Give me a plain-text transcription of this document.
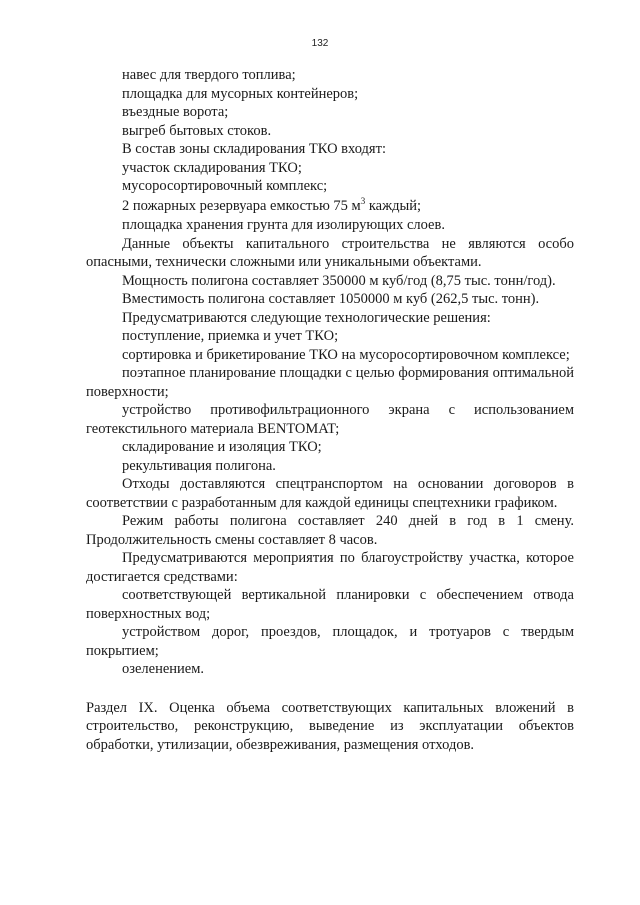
132

навес для твердого топлива;

площадка для мусорных контейнеров;

въездные ворота;

выгреб бытовых стоков.

В состав зоны складирования ТКО входят:

участок складирования ТКО;

мусоросортировочный комплекс;

2 пожарных резервуара емкостью 75 $м^3$ каждый;

площадка хранения грунта для изолирующих слоев.

Данные объекты капитального строительства не являются особо опасными, технически сложными или уникальными объектами.

Мощность полигона составляет 350000 м куб/год (8,75 тыс. тонн/год).

Вместимость полигона составляет 1050000 м куб (262,5 тыс. тонн).

Предусматриваются следующие технологические решения:

поступление, приемка и учет ТКО;

сортировка и брикетирование ТКО на мусоросортировочном комплексе;

поэтапное планирование площадки с целью формирования оптимальной поверхности;

устройство противофильтрационного экрана с использованием геотекстильного материала BENTOMAT;

складирование и изоляция ТКО;

рекультивация полигона.

Отходы доставляются спецтранспортом на основании договоров в соответствии с разработанным для каждой единицы спецтехники графиком.

Режим работы полигона составляет 240 дней в год в 1 смену. Продолжительность смены составляет 8 часов.

Предусматриваются мероприятия по благоустройству участка, которое достигается средствами:

соответствующей вертикальной планировки с обеспечением отвода поверхностных вод;

устройством дорог, проездов, площадок, и тротуаров с твердым покрытием;

озеленением.

Раздел IX. Оценка объема соответствующих капитальных вложений в строительство, реконструкцию, выведение из эксплуатации объектов обработки, утилизации, обезвреживания, размещения отходов.
